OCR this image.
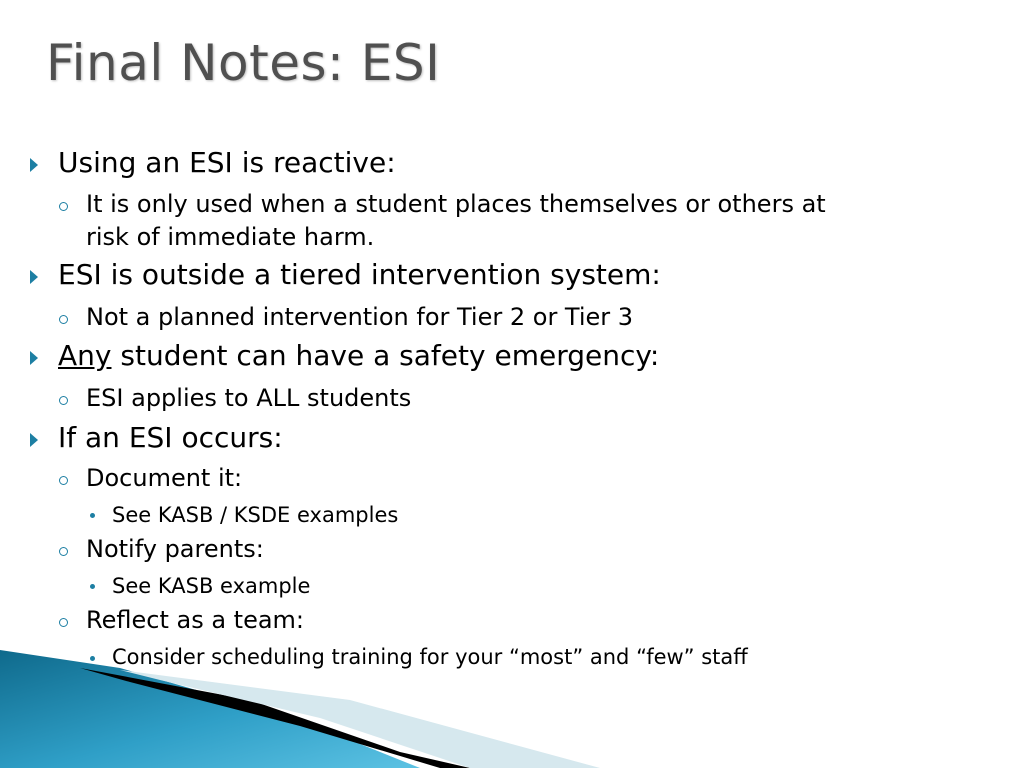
Final Notes: ESI
Using an ESI is reactive:
It is only used when a student places themselves or others at
risk of immediate harm.
ESI is outside a tiered intervention system:
Not a planned intervention for Tier 2 or Tier 3
Any student can have a safety emergency:
ESI applies to ALL students
If an ESI occurs:
Document it:
See KASB / KSDE examples
Notify parents:
See KASB example
Reflect as a team:
Consider scheduling training for your “most” and “few” staff
